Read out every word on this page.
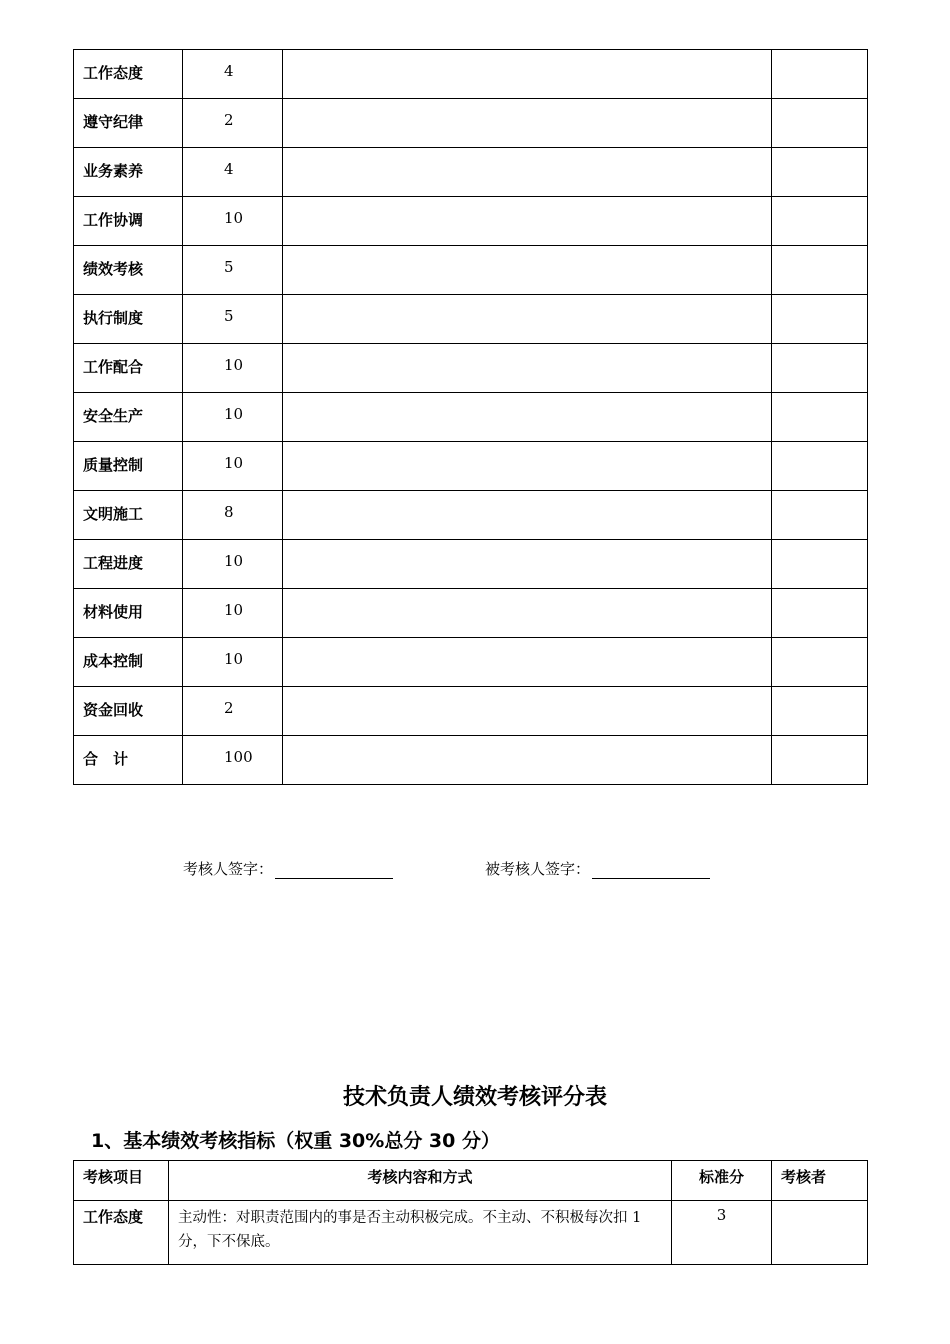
工作态度	4		

遵守纪律	2		

业务素养	4		

工作协调	10		

绩效考核	5		

执行制度	5		

工作配合	10		

安全生产	10		

质量控制	10		

文明施工	8		

工程进度	10		

材料使用	10		

成本控制	10		

资金回收	2		

合　计	100		

考核人签字：	被考核人签字：
技术负责人绩效考核评分表
1、基本绩效考核指标（权重 30%总分 30 分）
考核项目	考核内容和方式	标准分	考核者
工作态度	主动性：对职责范围内的事是否主动积极完成。不主动、不积极每次扣 1 分，下不保底。	3	
